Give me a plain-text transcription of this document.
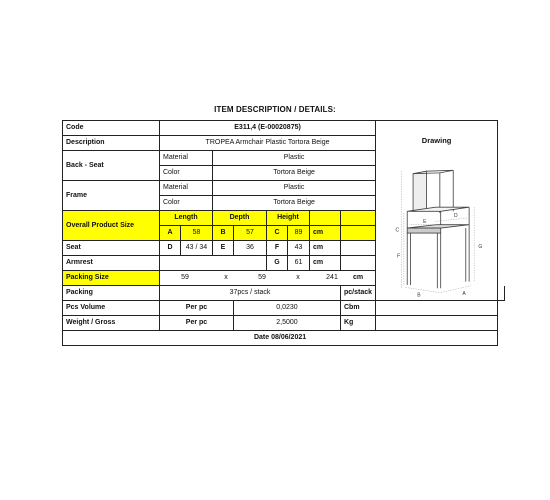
ITEM DESCRIPTION / DETAILS:
Code	E311,4 (E-00020875)	
Drawing
C
F
G
B	A
E
D

Description	TROPEA Armchair Plastic Tortora Beige
Back - Seat	Material	Plastic
Color	Tortora Beige
Frame	Material	Plastic
Color	Tortora Beige
Overall Product Size	Length	Depth	Height		
A	58	B	57	C	89	cm	
Seat	D	43 / 34	E	36	F	43	cm	
Armrest		G	61	cm	
Packing Size		59	x	59	x	241	cm

Packing	37pcs / stack	pc/stack	
Pcs Volume	Per pc	0,0230	Cbm	
Weight / Gross	Per pc	2,5000	Kg	
Date 08/06/2021
